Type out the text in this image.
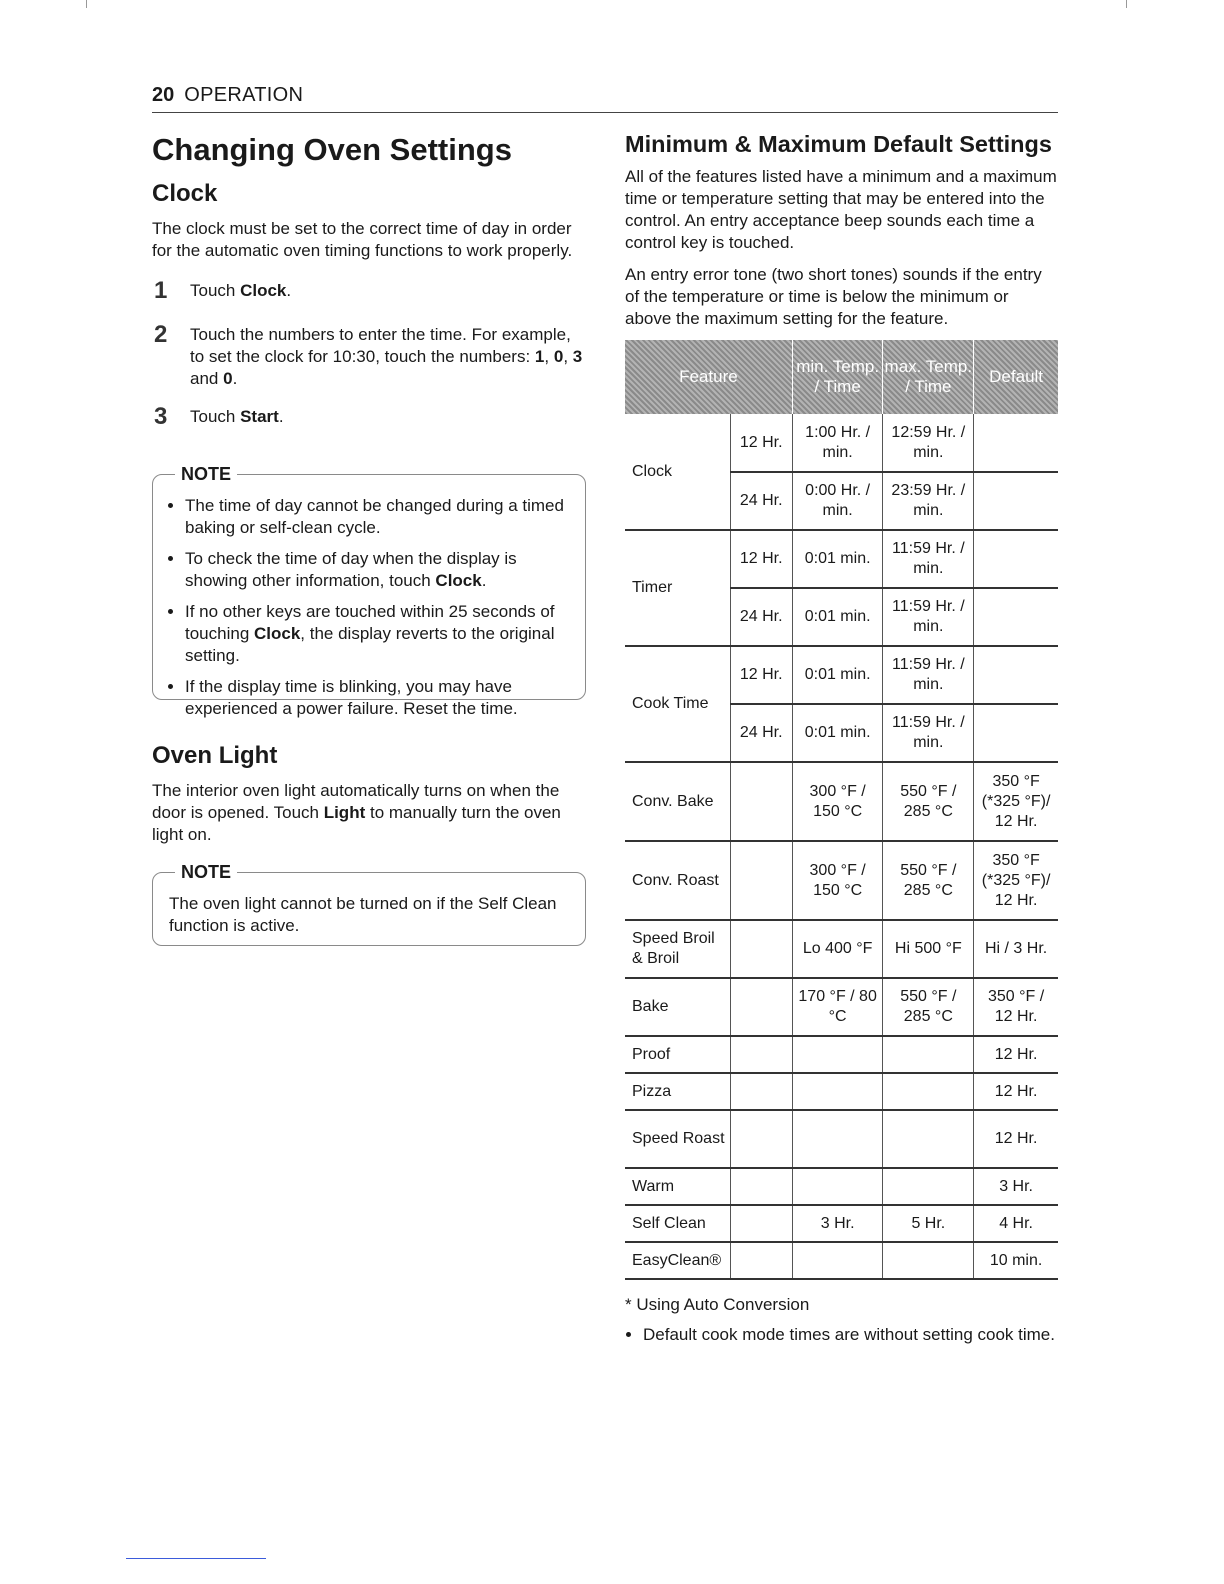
20 OPERATION
Changing Oven Settings
Clock

The clock must be set to the correct time of day in order for the automatic oven timing functions to work properly.

1 Touch Clock.
2 Touch the numbers to enter the time. For example, to set the clock for 10:30, touch the numbers: 1, 0, 3 and 0.
3 Touch Start.
NOTE
• The time of day cannot be changed during a timed baking or self-clean cycle.
• To check the time of day when the display is showing other information, touch Clock.
• If no other keys are touched within 25 seconds of touching Clock, the display reverts to the original setting.
• If the display time is blinking, you may have experienced a power failure. Reset the time.
Oven Light

The interior oven light automatically turns on when the door is opened. Touch Light to manually turn the oven light on.

NOTE
The oven light cannot be turned on if the Self Clean function is active.
Minimum & Maximum Default Settings

All of the features listed have a minimum and a maximum time or temperature setting that may be entered into the control. An entry acceptance beep sounds each time a control key is touched.

An entry error tone (two short tones) sounds if the entry of the temperature or time is below the minimum or above the maximum setting for the feature.

Feature		min. Temp. / Time	max. Temp. / Time	Default
Clock	12 Hr.	1:00 Hr. / min.	12:59 Hr. / min.	
	24 Hr.	0:00 Hr. / min.	23:59 Hr. / min.	
Timer	12 Hr.	0:01 min.	11:59 Hr. / min.	
	24 Hr.	0:01 min.	11:59 Hr. / min.	
Cook Time	12 Hr.	0:01 min.	11:59 Hr. / min.	
	24 Hr.	0:01 min.	11:59 Hr. / min.	
Conv. Bake		300 °F / 150 °C	550 °F / 285 °C	350 °F (*325 °F)/ 12 Hr.
Conv. Roast		300 °F / 150 °C	550 °F / 285 °C	350 °F (*325 °F)/ 12 Hr.
Speed Broil & Broil		Lo 400 °F	Hi 500 °F	Hi / 3 Hr.
Bake		170 °F / 80 °C	550 °F / 285 °C	350 °F / 12 Hr.
Proof				12 Hr.
Pizza				12 Hr.
Speed Roast				12 Hr.
Warm				3 Hr.
Self Clean		3 Hr.	5 Hr.	4 Hr.
EasyClean®				10 min.
* Using Auto Conversion
• Default cook mode times are without setting cook time.
